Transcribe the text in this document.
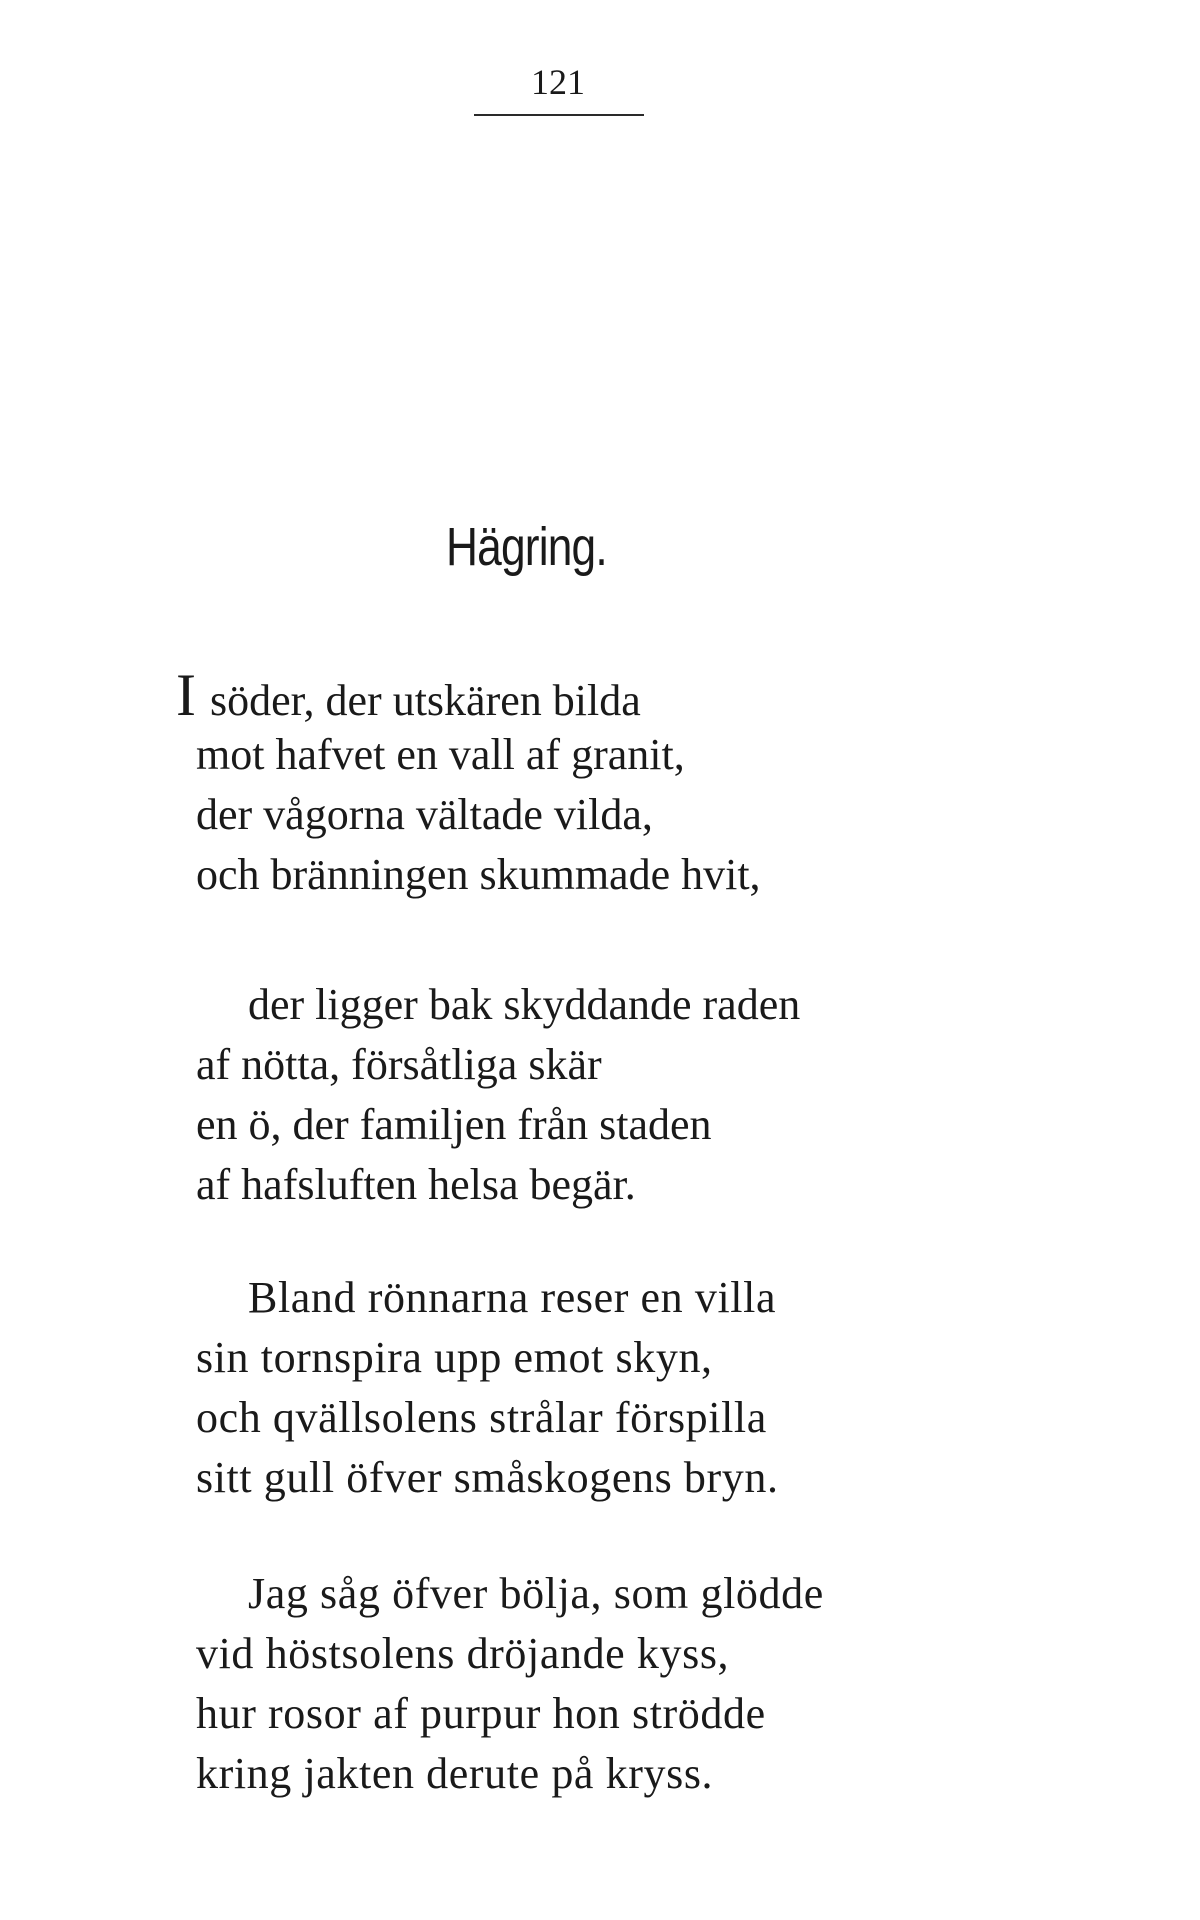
121
Hägring.
I söder, der utskären bilda
mot hafvet en vall af granit,
der vågorna vältade vilda,
och bränningen skummade hvit,
der ligger bak skyddande raden
af nötta, försåtliga skär
en ö, der familjen från staden
af hafsluften helsa begär.
Bland rönnarna reser en villa
sin tornspira upp emot skyn,
och qvällsolens strålar förspilla
sitt gull öfver småskogens bryn.
Jag såg öfver bölja, som glödde
vid höstsolens dröjande kyss,
hur rosor af purpur hon strödde
kring jakten derute på kryss.
